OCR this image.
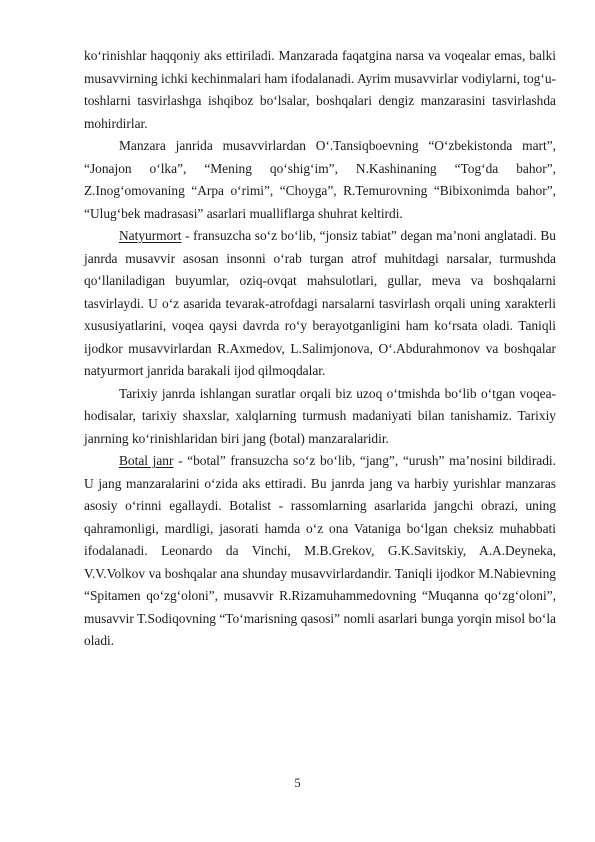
ko‘rinishlar haqqoniy aks ettiriladi. Manzarada faqatgina narsa va voqealar emas, balki musavvirning ichki kechinmalari ham ifodalanadi. Ayrim musavvirlar vodiylarni, tog‘u-toshlarni tasvirlashga ishqiboz bo‘lsalar, boshqalari dengiz manzarasini tasvirlashda mohirdirlar.

Manzara janrida musavvirlardan O‘.Tansiqboevning “O‘zbekistonda mart”, “Jonajon o‘lka”, “Mening qo‘shig‘im”, N.Kashinaning “Tog‘da bahor”, Z.Inog‘omovaning “Arpa o‘rimi”, “Choyga”, R.Temurovning “Bibixonimda bahor”, “Ulug‘bek madrasasi” asarlari mualliflarga shuhrat keltirdi.

Natyurmort - fransuzcha so‘z bo‘lib, “jonsiz tabiat” degan ma’noni anglatadi. Bu janrda musavvir asosan insonni o‘rab turgan atrof muhitdagi narsalar, turmushda qo‘llaniladigan buyumlar, oziq-ovqat mahsulotlari, gullar, meva va boshqalarni tasvirlaydi. U o‘z asarida tevarak-atrofdagi narsalarni tasvirlash orqali uning xarakterli xususiyatlarini, voqea qaysi davrda ro‘y berayotganligini ham ko‘rsata oladi. Taniqli ijodkor musavvirlardan R.Axmedov, L.Salimjonova, O‘.Abdurahmonov va boshqalar natyurmort janrida barakali ijod qilmoqdalar.

Tarixiy janrda ishlangan suratlar orqali biz uzoq o‘tmishda bo‘lib o‘tgan voqea-hodisalar, tarixiy shaxslar, xalqlarning turmush madaniyati bilan tanishamiz. Tarixiy janrning ko‘rinishlaridan biri jang (botal) manzaralaridir.

Botal janr - “botal” fransuzcha so‘z bo‘lib, “jang”, “urush” ma’nosini bildiradi. U jang manzaralarini o‘zida aks ettiradi. Bu janrda jang va harbiy yurishlar manzaras asosiy o‘rinni egallaydi. Botalist - rassomlarning asarlarida jangchi obrazi, uning qahramonligi, mardligi, jasorati hamda o‘z ona Vataniga bo‘lgan cheksiz muhabbati ifodalanadi. Leonardo da Vinchi, M.B.Grekov, G.K.Savitskiy, A.A.Deyneka, V.V.Volkov va boshqalar ana shunday musavvirlardandir. Taniqli ijodkor M.Nabievning “Spitamen qo‘zg‘oloni”, musavvir R.Rizamuhammedovning “Muqanna qo‘zg‘oloni”, musavvir T.Sodiqovning “To‘marisning qasosi” nomli asarlari bunga yorqin misol bo‘la oladi.

5
